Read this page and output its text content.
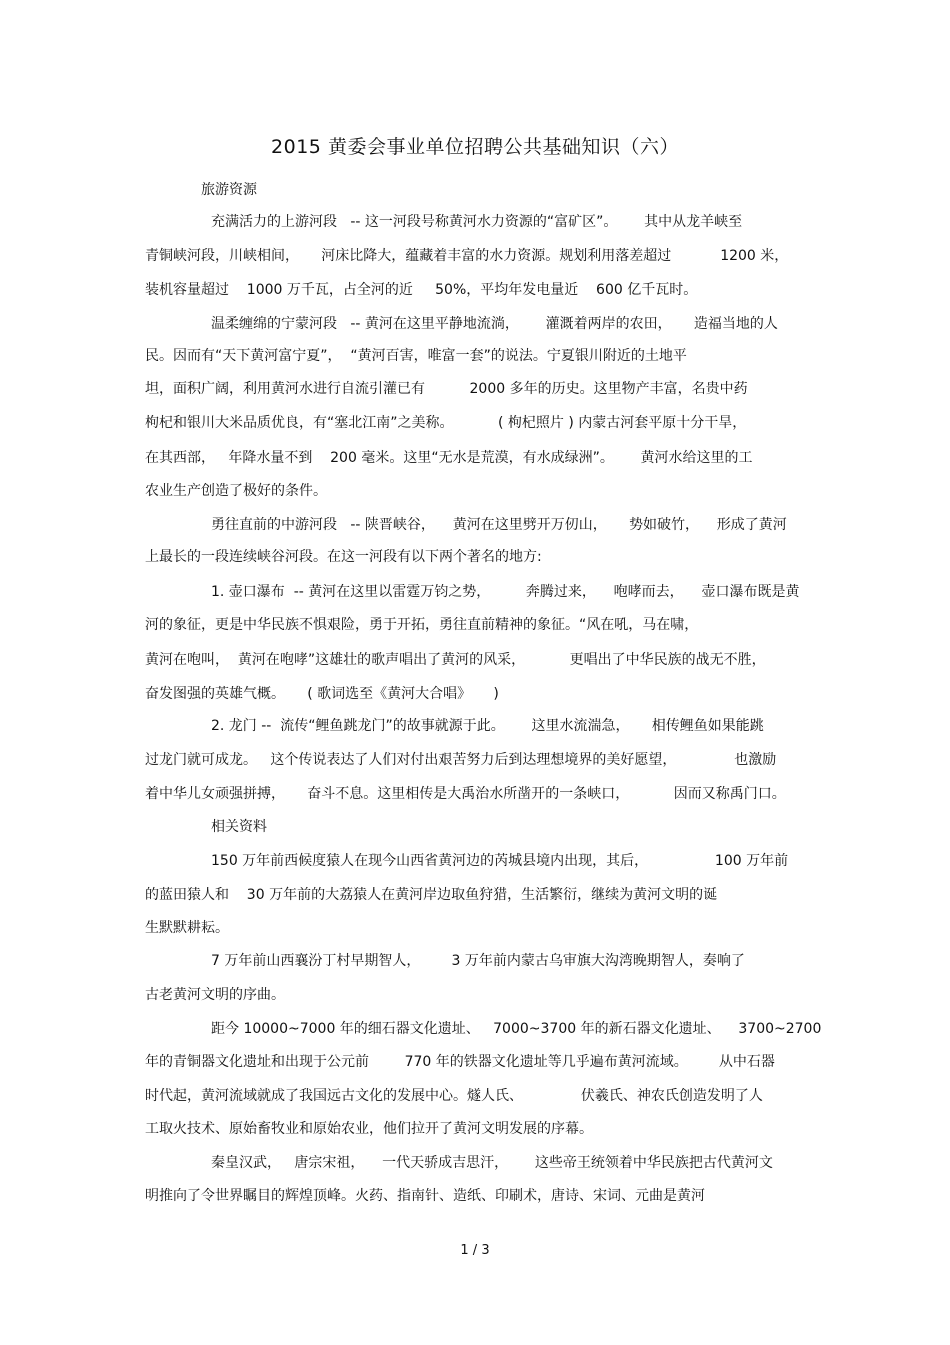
2015 黄委会事业单位招聘公共基础知识（六）
旅游资源
充满活力的上游河段   -- 这一河段号称黄河水力资源的“富矿区”。      其中从龙羊峡至
青铜峡河段，川峡相间，     河床比降大，蕴藏着丰富的水力资源。规划利用落差超过           1200 米，
装机容量超过    1000 万千瓦，占全河的近     50%，平均年发电量近    600 亿千瓦时。
温柔缠绵的宁蒙河段   -- 黄河在这里平静地流淌，      灌溉着两岸的农田，     造福当地的人
民。因而有“天下黄河富宁夏”，  “黄河百害，唯富一套”的说法。宁夏银川附近的土地平
坦，面积广阔，利用黄河水进行自流引灌已有          2000 多年的历史。这里物产丰富，名贵中药
枸杞和银川大米品质优良，有“塞北江南”之美称。          ( 枸杞照片 ) 内蒙古河套平原十分干旱，
在其西部，   年降水量不到    200 毫米。这里“无水是荒漠，有水成绿洲”。      黄河水给这里的工
农业生产创造了极好的条件。
勇往直前的中游河段   -- 陕晋峡谷，    黄河在这里劈开万仞山，     势如破竹，    形成了黄河
上最长的一段连续峡谷河段。在这一河段有以下两个著名的地方:
1. 壶口瀑布  -- 黄河在这里以雷霆万钧之势，        奔腾过来，    咆哮而去，    壶口瀑布既是黄
河的象征，更是中华民族不惧艰险，勇于开拓，勇往直前精神的象征。“风在吼，马在啸，
黄河在咆叫，  黄河在咆哮”这雄壮的歌声唱出了黄河的风采，          更唱出了中华民族的战无不胜，
奋发图强的英雄气概。     ( 歌词选至《黄河大合唱》     )
2. 龙门 --  流传“鲤鱼跳龙门”的故事就源于此。      这里水流湍急，     相传鲤鱼如果能跳
过龙门就可成龙。   这个传说表达了人们对付出艰苦努力后到达理想境界的美好愿望，             也激励
着中华儿女顽强拼搏，     奋斗不息。这里相传是大禹治水所凿开的一条峡口，          因而又称禹门口。
相关资料
150 万年前西候度猿人在现今山西省黄河边的芮城县境内出现，其后，               100 万年前
的蓝田猿人和    30 万年前的大荔猿人在黄河岸边取鱼狩猎，生活繁衍，继续为黄河文明的诞
生默默耕耘。
7 万年前山西襄汾丁村早期智人，       3 万年前内蒙古乌审旗大沟湾晚期智人，奏响了
古老黄河文明的序曲。
距今 10000~7000 年的细石器文化遗址、   7000~3700 年的新石器文化遗址、    3700~2700
年的青铜器文化遗址和出现于公元前        770 年的铁器文化遗址等几乎遍布黄河流域。       从中石器
时代起，黄河流域就成了我国远古文化的发展中心。燧人氏、             伏羲氏、神农氏创造发明了人
工取火技术、原始畜牧业和原始农业，他们拉开了黄河文明发展的序幕。
秦皇汉武，   唐宗宋祖，    一代天骄成吉思汗，      这些帝王统领着中华民族把古代黄河文
明推向了令世界瞩目的辉煌顶峰。火药、指南针、造纸、印刷术，唐诗、宋词、元曲是黄河
1 / 3
